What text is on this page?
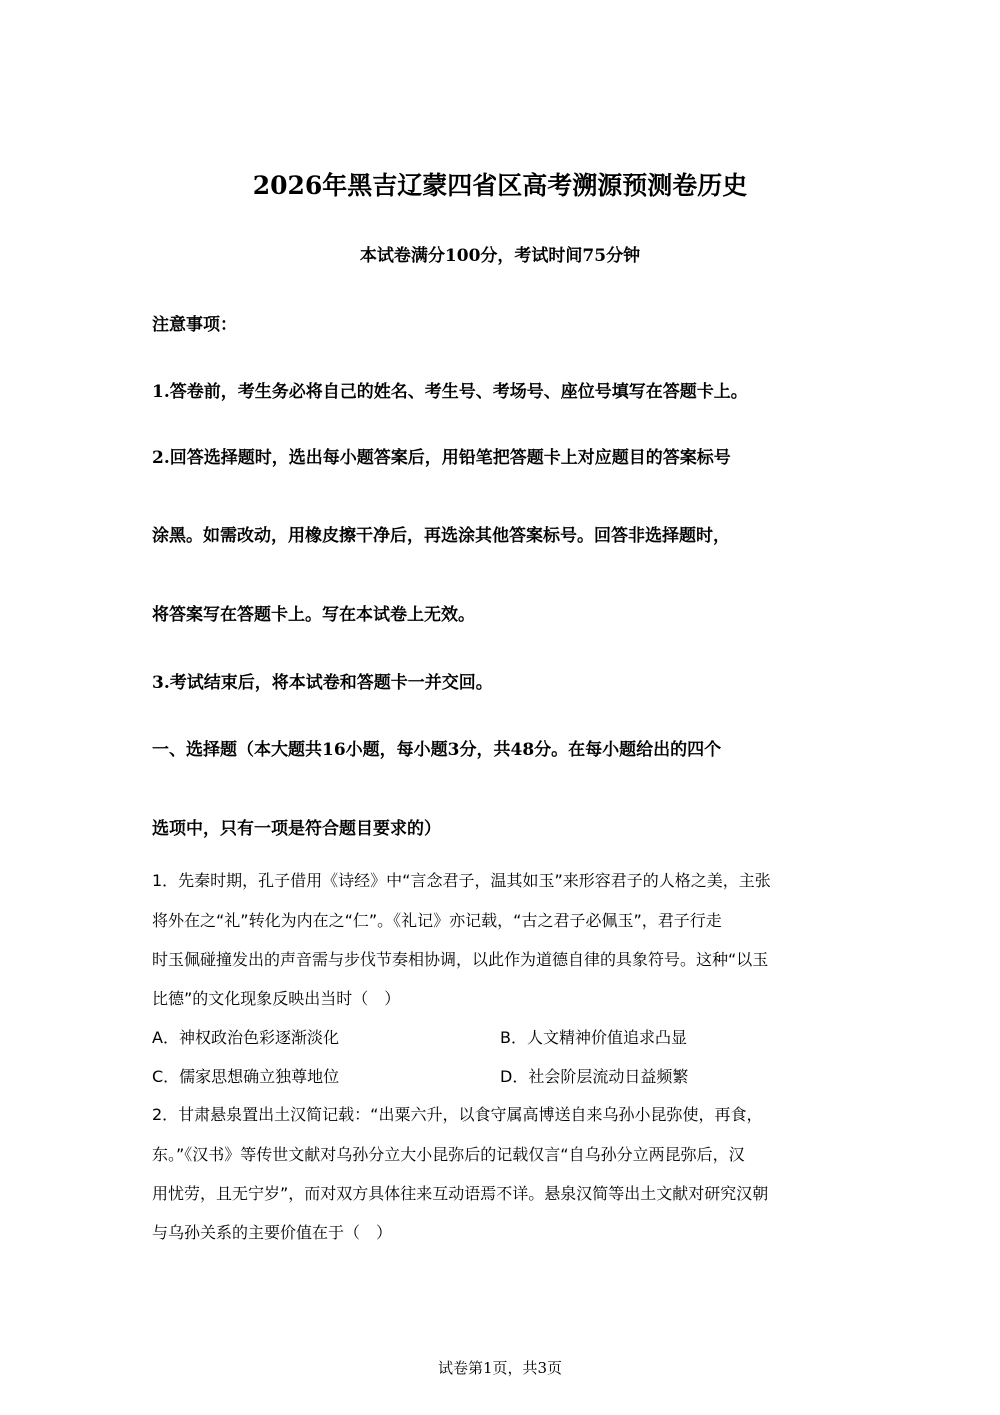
2026年黑吉辽蒙四省区高考溯源预测卷历史
本试卷满分100分，考试时间75分钟
注意事项：
1.答卷前，考生务必将自己的姓名、考生号、考场号、座位号填写在答题卡上。
2.回答选择题时，选出每小题答案后，用铅笔把答题卡上对应题目的答案标号
涂黑。如需改动，用橡皮擦干净后，再选涂其他答案标号。回答非选择题时，
将答案写在答题卡上。写在本试卷上无效。
3.考试结束后，将本试卷和答题卡一并交回。
一、选择题（本大题共16小题，每小题3分，共48分。在每小题给出的四个
选项中，只有一项是符合题目要求的）
1．先秦时期，孔子借用《诗经》中“言念君子，温其如玉”来形容君子的人格之美，主张
将外在之“礼”转化为内在之“仁”。《礼记》亦记载，“古之君子必佩玉”，君子行走
时玉佩碰撞发出的声音需与步伐节奏相协调，以此作为道德自律的具象符号。这种“以玉
比德”的文化现象反映出当时（　）
A．神权政治色彩逐渐淡化	B．人文精神价值追求凸显
C．儒家思想确立独尊地位	D．社会阶层流动日益频繁
2．甘肃悬泉置出土汉简记载：“出粟六升，以食守属高博送自来乌孙小昆弥使，再食，
东。”《汉书》等传世文献对乌孙分立大小昆弥后的记载仅言“自乌孙分立两昆弥后，汉
用忧劳，且无宁岁”，而对双方具体往来互动语焉不详。悬泉汉简等出土文献对研究汉朝
与乌孙关系的主要价值在于（　）
试卷第1页，共3页
